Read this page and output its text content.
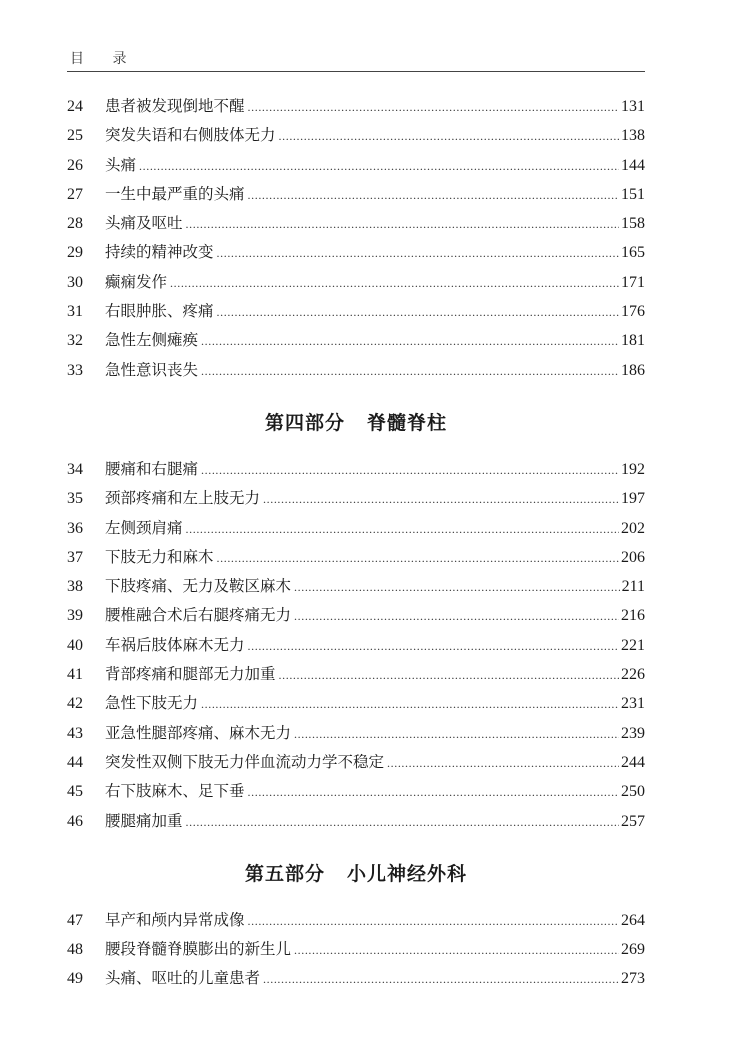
目 录
24	患者被发现倒地不醒 .....	131
25	突发失语和右侧肢体无力 .....	138
26	头痛 .....	144
27	一生中最严重的头痛 .....	151
28	头痛及呕吐 .....	158
29	持续的精神改变 .....	165
30	癫痫发作 .....	171
31	右眼肿胀、疼痛 .....	176
32	急性左侧瘫痪 .....	181
33	急性意识丧失 .....	186
第四部分 脊髓脊柱
34	腰痛和右腿痛 .....	192
35	颈部疼痛和左上肢无力 .....	197
36	左侧颈肩痛 .....	202
37	下肢无力和麻木 .....	206
38	下肢疼痛、无力及鞍区麻木 .....	211
39	腰椎融合术后右腿疼痛无力 .....	216
40	车祸后肢体麻木无力 .....	221
41	背部疼痛和腿部无力加重 .....	226
42	急性下肢无力 .....	231
43	亚急性腿部疼痛、麻木无力 .....	239
44	突发性双侧下肢无力伴血流动力学不稳定 .....	244
45	右下肢麻木、足下垂 .....	250
46	腰腿痛加重 .....	257
第五部分 小儿神经外科
47	早产和颅内异常成像 .....	264
48	腰段脊髓脊膜膨出的新生儿 .....	269
49	头痛、呕吐的儿童患者 .....	273
